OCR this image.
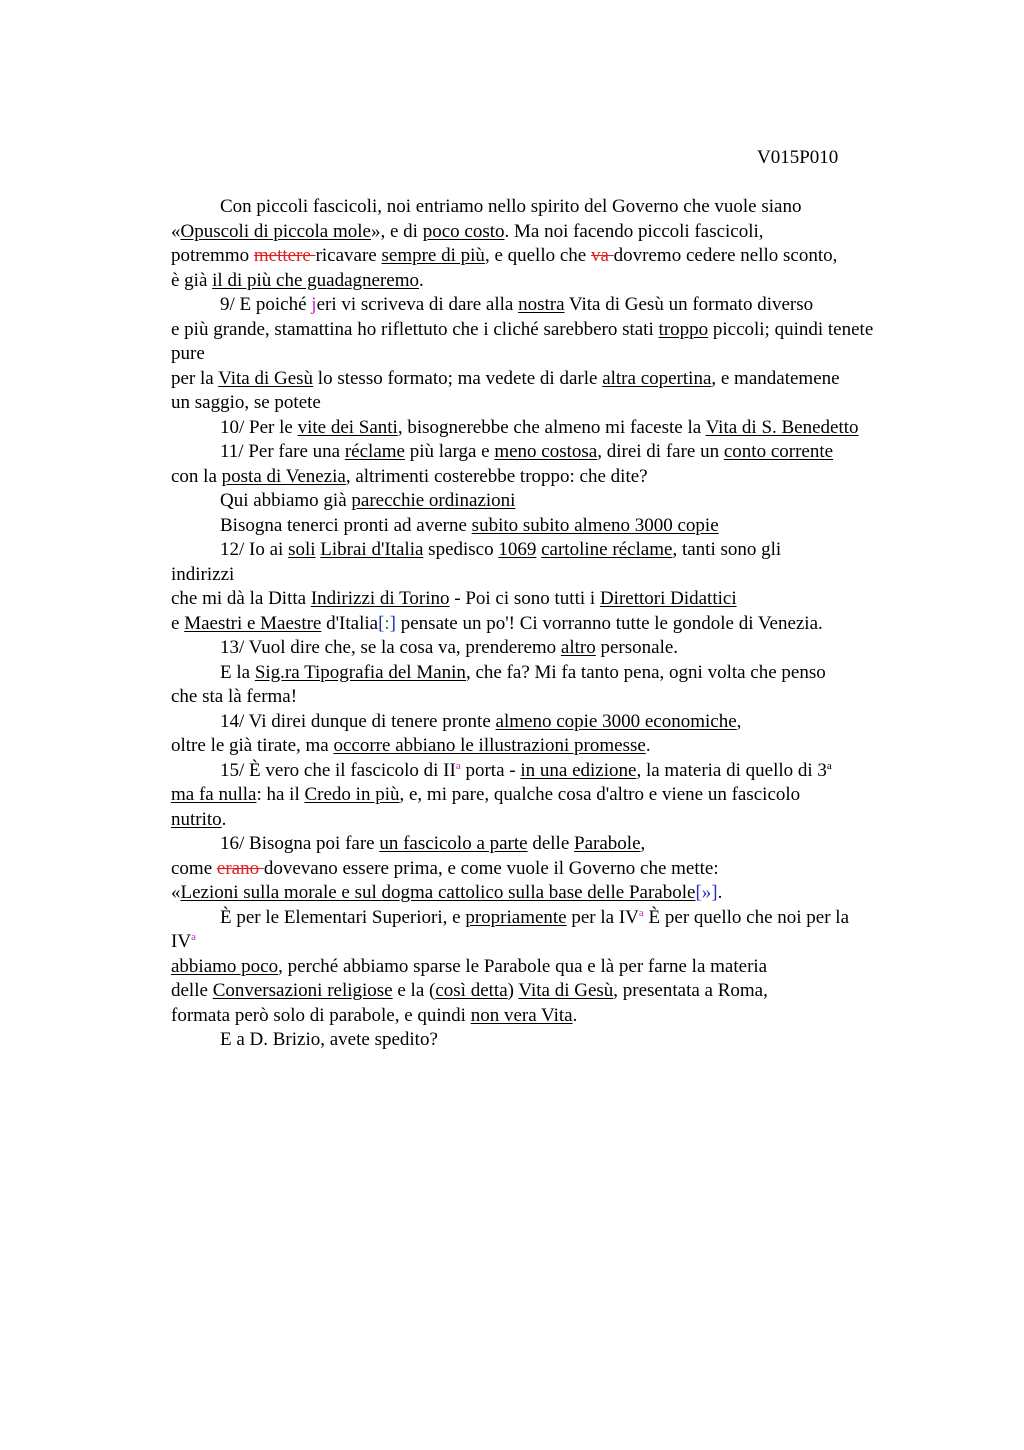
V015P010
Con piccoli fascicoli, noi entriamo nello spirito del Governo che vuole siano
«Opuscoli di piccola mole», e di poco costo. Ma noi facendo piccoli fascicoli,
potremmo mettere ricavare sempre di più, e quello che va dovremo cedere nello sconto,
è già il di più che guadagneremo.
9/ E poiché jeri vi scriveva di dare alla nostra Vita di Gesù un formato diverso
e più grande, stamattina ho riflettuto che i cliché sarebbero stati troppo piccoli; quindi tenete
pure
per la Vita di Gesù lo stesso formato; ma vedete di darle altra copertina, e mandatemene
un saggio, se potete
10/ Per le vite dei Santi, bisognerebbe che almeno mi faceste la Vita di S. Benedetto
11/ Per fare una réclame più larga e meno costosa, direi di fare un conto corrente
con la posta di Venezia, altrimenti costerebbe troppo: che dite?
Qui abbiamo già parecchie ordinazioni
Bisogna tenerci pronti ad averne subito subito almeno 3000 copie
12/ Io ai soli Librai d'Italia spedisco 1069 cartoline réclame, tanti sono gli
indirizzi
che mi dà la Ditta Indirizzi di Torino - Poi ci sono tutti i Direttori Didattici
e Maestri e Maestre d'Italia[:] pensate un po'! Ci vorranno tutte le gondole di Venezia.
13/ Vuol dire che, se la cosa va, prenderemo altro personale.
E la Sig.ra Tipografia del Manin, che fa? Mi fa tanto pena, ogni volta che penso
che sta là ferma!
14/ Vi direi dunque di tenere pronte almeno copie 3000 economiche,
oltre le già tirate, ma occorre abbiano le illustrazioni promesse.
15/ È vero che il fascicolo di $II^a$ porta - in una edizione, la materia di quello di 3$^a$
ma fa nulla: ha il Credo in più, e, mi pare, qualche cosa d'altro e viene un fascicolo
nutrito.
16/ Bisogna poi fare un fascicolo a parte delle Parabole,
come erano dovevano essere prima, e come vuole il Governo che mette:
«Lezioni sulla morale e sul dogma cattolico sulla base delle Parabole[»].
È per le Elementari Superiori, e propriamente per la $IV^a$ È per quello che noi per la
$IV^a$
abbiamo poco, perché abbiamo sparse le Parabole qua e là per farne la materia
delle Conversazioni religiose e la (così detta) Vita di Gesù, presentata a Roma,
formata però solo di parabole, e quindi non vera Vita.
E a D. Brizio, avete spedito?
